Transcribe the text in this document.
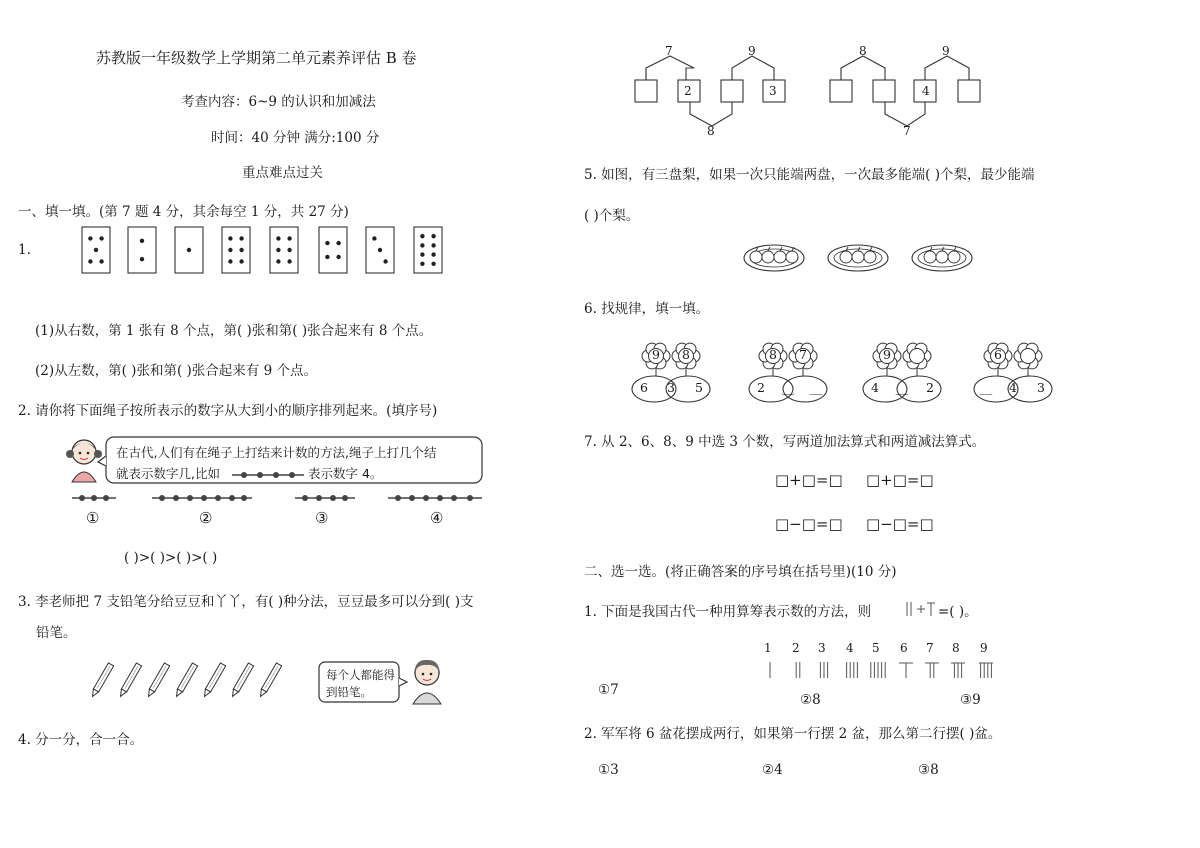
苏教版一年级数学上学期第二单元素养评估 B 卷
考查内容：6~9 的认识和加减法
时间：40 分钟 满分:100 分
重点难点过关
一、填一填。(第 7 题 4 分，其余每空 1 分，共 27 分)
1.
(1)从右数，第 1 张有 8 个点，第( )张和第( )张合起来有 8 个点。
(2)从左数，第( )张和第( )张合起来有 9 个点。
2. 请你将下面绳子按所表示的数字从大到小的顺序排列起来。(填序号)
在古代,人们有在绳子上打结来计数的方法,绳子上打几个结
就表示数字几,比如	表示数字 4。
①	②	③	④
( )>( )>( )>( )
3. 李老师把 7 支铅笔分给豆豆和丫丫，有( )种分法，豆豆最多可以分到( )支
铅笔。
每个人都能得
到铅笔。
4. 分一分，合一合。
7	9
2	3
8
8	9
4
7
5. 如图，有三盘梨，如果一次只能端两盘，一次最多能端( )个梨，最少能端
( )个梨。
6. 找规律，填一填。
9	8
6	3	5
8	7
2	__ __
9
4	__	2
6
__	4	3
7. 从 2、6、8、9 中选 3 个数，写两道加法算式和两道减法算式。
□+□=□ □+□=□
□−□=□ □−□=□
二、选一选。(将正确答案的序号填在括号里)(10 分)
1. 下面是我国古代一种用算筹表示数的方法，则	=( )。
1 2 3 4 5 6 7 8 9
①7
②8	③9
2. 军军将 6 盆花摆成两行，如果第一行摆 2 盆，那么第二行摆( )盆。
①3	②4	③8
